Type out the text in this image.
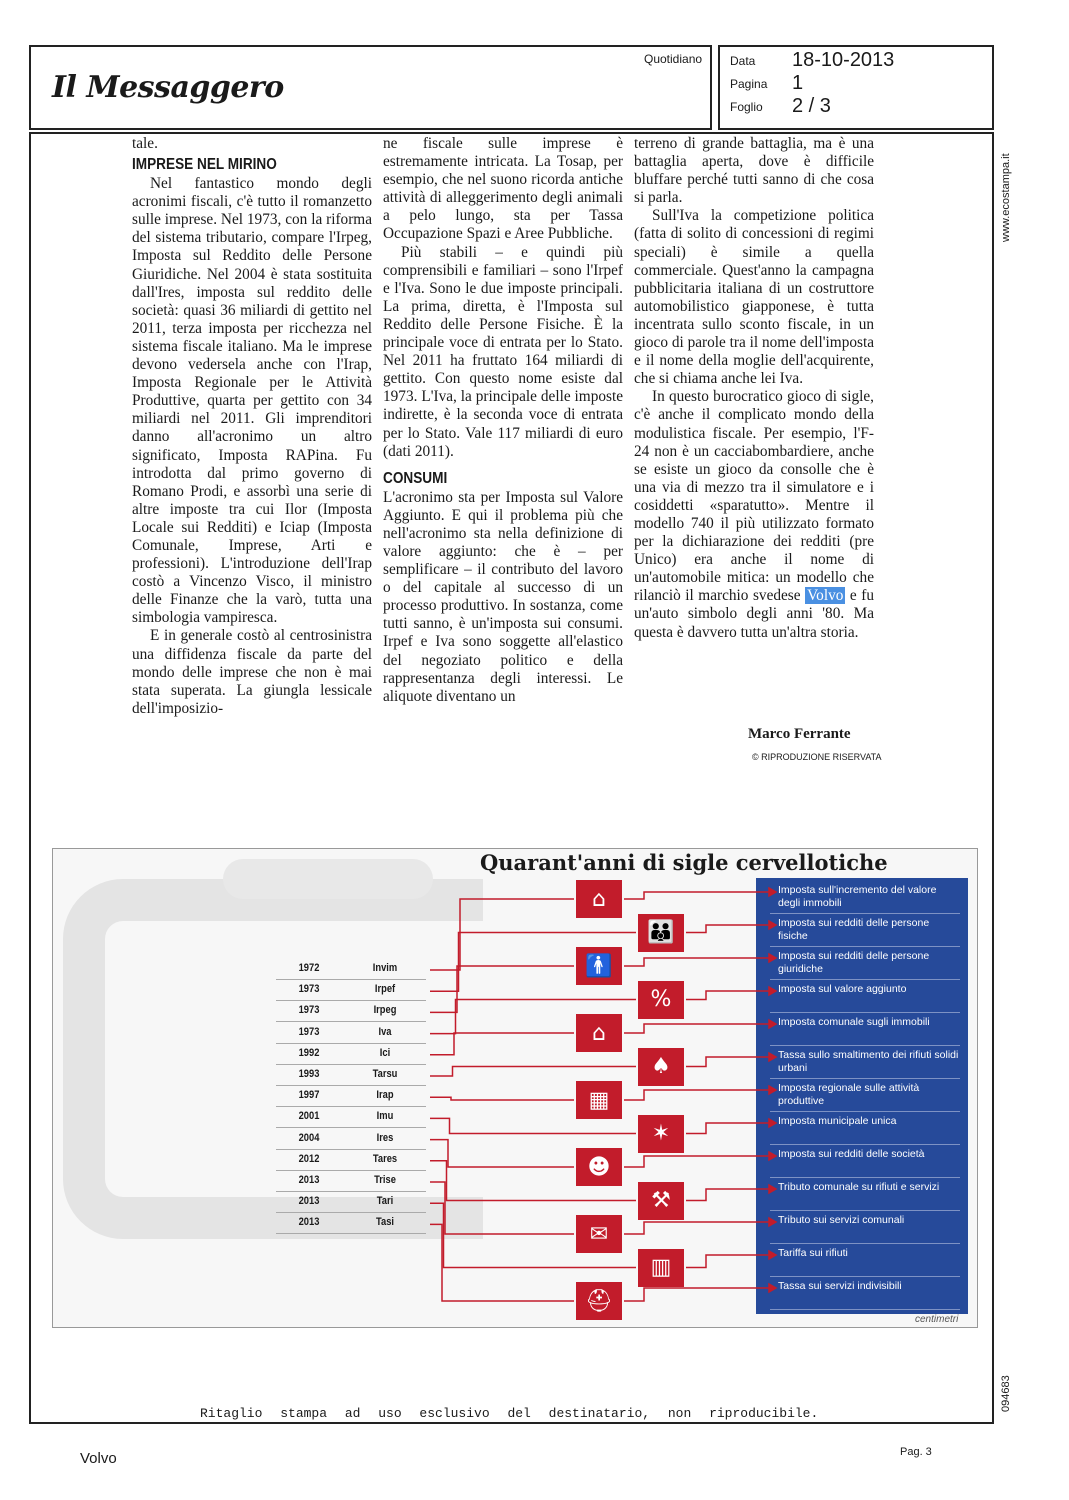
Il Messaggero
Quotidiano Data 18-10-2013
Pagina 1
Foglio 2 / 3
www.ecostampa.it
094683

tale.

IMPRESE NEL MIRINO

Nel fantastico mondo degli acronimi fiscali, c'è tutto il romanzetto sulle imprese. Nel 1973, con la riforma del sistema tributario, compare l'Irpeg, Imposta sul Reddito delle Persone Giuridiche. Nel 2004 è stata sostituita dall'Ires, imposta sul reddito delle società: quasi 36 miliardi di gettito nel 2011, terza imposta per ricchezza nel sistema fiscale italiano. Ma le imprese devono vedersela anche con l'Irap, Imposta Regionale per le Attività Produttive, quarta per gettito con 34 miliardi nel 2011. Gli imprenditori danno all'acronimo un altro significato, Imposta RAPina. Fu introdotta dal primo governo di Romano Prodi, e assorbì una serie di altre imposte tra cui Ilor (Imposta Locale sui Redditi) e Iciap (Imposta Comunale, Imprese, Arti e professioni). L'introduzione dell'Irap costò a Vincenzo Visco, il ministro delle Finanze che la varò, tutta una simbologia vampiresca.

E in generale costò al centrosinistra una diffidenza fiscale da parte del mondo delle imprese che non è mai stata superata. La giungla lessicale dell'imposizio-

ne fiscale sulle imprese è estremamente intricata. La Tosap, per esempio, che nel suono ricorda antiche attività di alleggerimento degli animali a pelo lungo, sta per Tassa Occupazione Spazi e Aree Pubbliche.

Più stabili – e quindi più comprensibili e familiari – sono l'Irpef e l'Iva. Sono le due imposte principali. La prima, diretta, è l'Imposta sul Reddito delle Persone Fisiche. È la principale voce di entrata per lo Stato. Nel 2011 ha fruttato 164 miliardi di gettito. Con questo nome esiste dal 1973. L'Iva, la principale delle imposte indirette, è la seconda voce di entrata per lo Stato. Vale 117 miliardi di euro (dati 2011).

CONSUMI

L'acronimo sta per Imposta sul Valore Aggiunto. E qui il problema più che nell'acronimo sta nella definizione di valore aggiunto: che è – per semplificare – il contributo del lavoro o del capitale al successo di un processo produttivo. In sostanza, come tutti sanno, è un'imposta sui consumi. Irpef e Iva sono soggette all'elastico del negoziato politico e della rappresentanza degli interessi. Le aliquote diventano un

terreno di grande battaglia, ma è una battaglia aperta, dove è difficile bluffare perché tutti sanno di che cosa si parla.

Sull'Iva la competizione politica (fatta di solito di concessioni di regimi speciali) è simile a quella commerciale. Quest'anno la campagna pubblicitaria italiana di un costruttore automobilistico giapponese, è tutta incentrata sullo sconto fiscale, in un gioco di parole tra il nome dell'imposta e il nome della moglie dell'acquirente, che si chiama anche lei Iva.

In questo burocratico gioco di sigle, c'è anche il complicato mondo della modulistica fiscale. Per esempio, l'F-24 non è un cacciabombardiere, anche se esiste un gioco da consolle che è una via di mezzo tra il simulatore e i cosiddetti «sparatutto». Mentre il modello 740 il più utilizzato formato per la dichiarazione dei redditi (pre Unico) era anche il nome di un'automobile mitica: un modello che rilanciò il marchio svedese Volvo e fu un'auto simbolo degli anni '80. Ma questa è davvero tutta un'altra storia.

Marco Ferrante
© RIPRODUZIONE RISERVATA
Quarant'anni di sigle cervellotiche
1972	Invim
1973	Irpef
1973	Irpeg
1973	Iva
1992	Ici
1993	Tarsu
1997	Irap
2001	Imu
2004	Ires
2012	Tares
2013	Trise
2013	Tari
2013	Tasi
⌂
👪
🚹
%
⌂
♠
▦
✶
☻
⚒
✉
▥
⛑
Imposta sull'incremento del valore degli immobili
Imposta sui redditi delle persone fisiche
Imposta sui redditi delle persone giuridiche
Imposta sul valore aggiunto
Imposta comunale sugli immobili
Tassa sullo smaltimento dei rifiuti solidi urbani
Imposta regionale sulle attività produttive
Imposta municipale unica
Imposta sui redditi delle società
Tributo comunale su rifiuti e servizi
Tributo sui servizi comunali
Tariffa sui rifiuti
Tassa sui servizi indivisibili
centimetri
Ritaglio stampa ad uso esclusivo del destinatario, non riproducibile.
Volvo	Pag. 3
